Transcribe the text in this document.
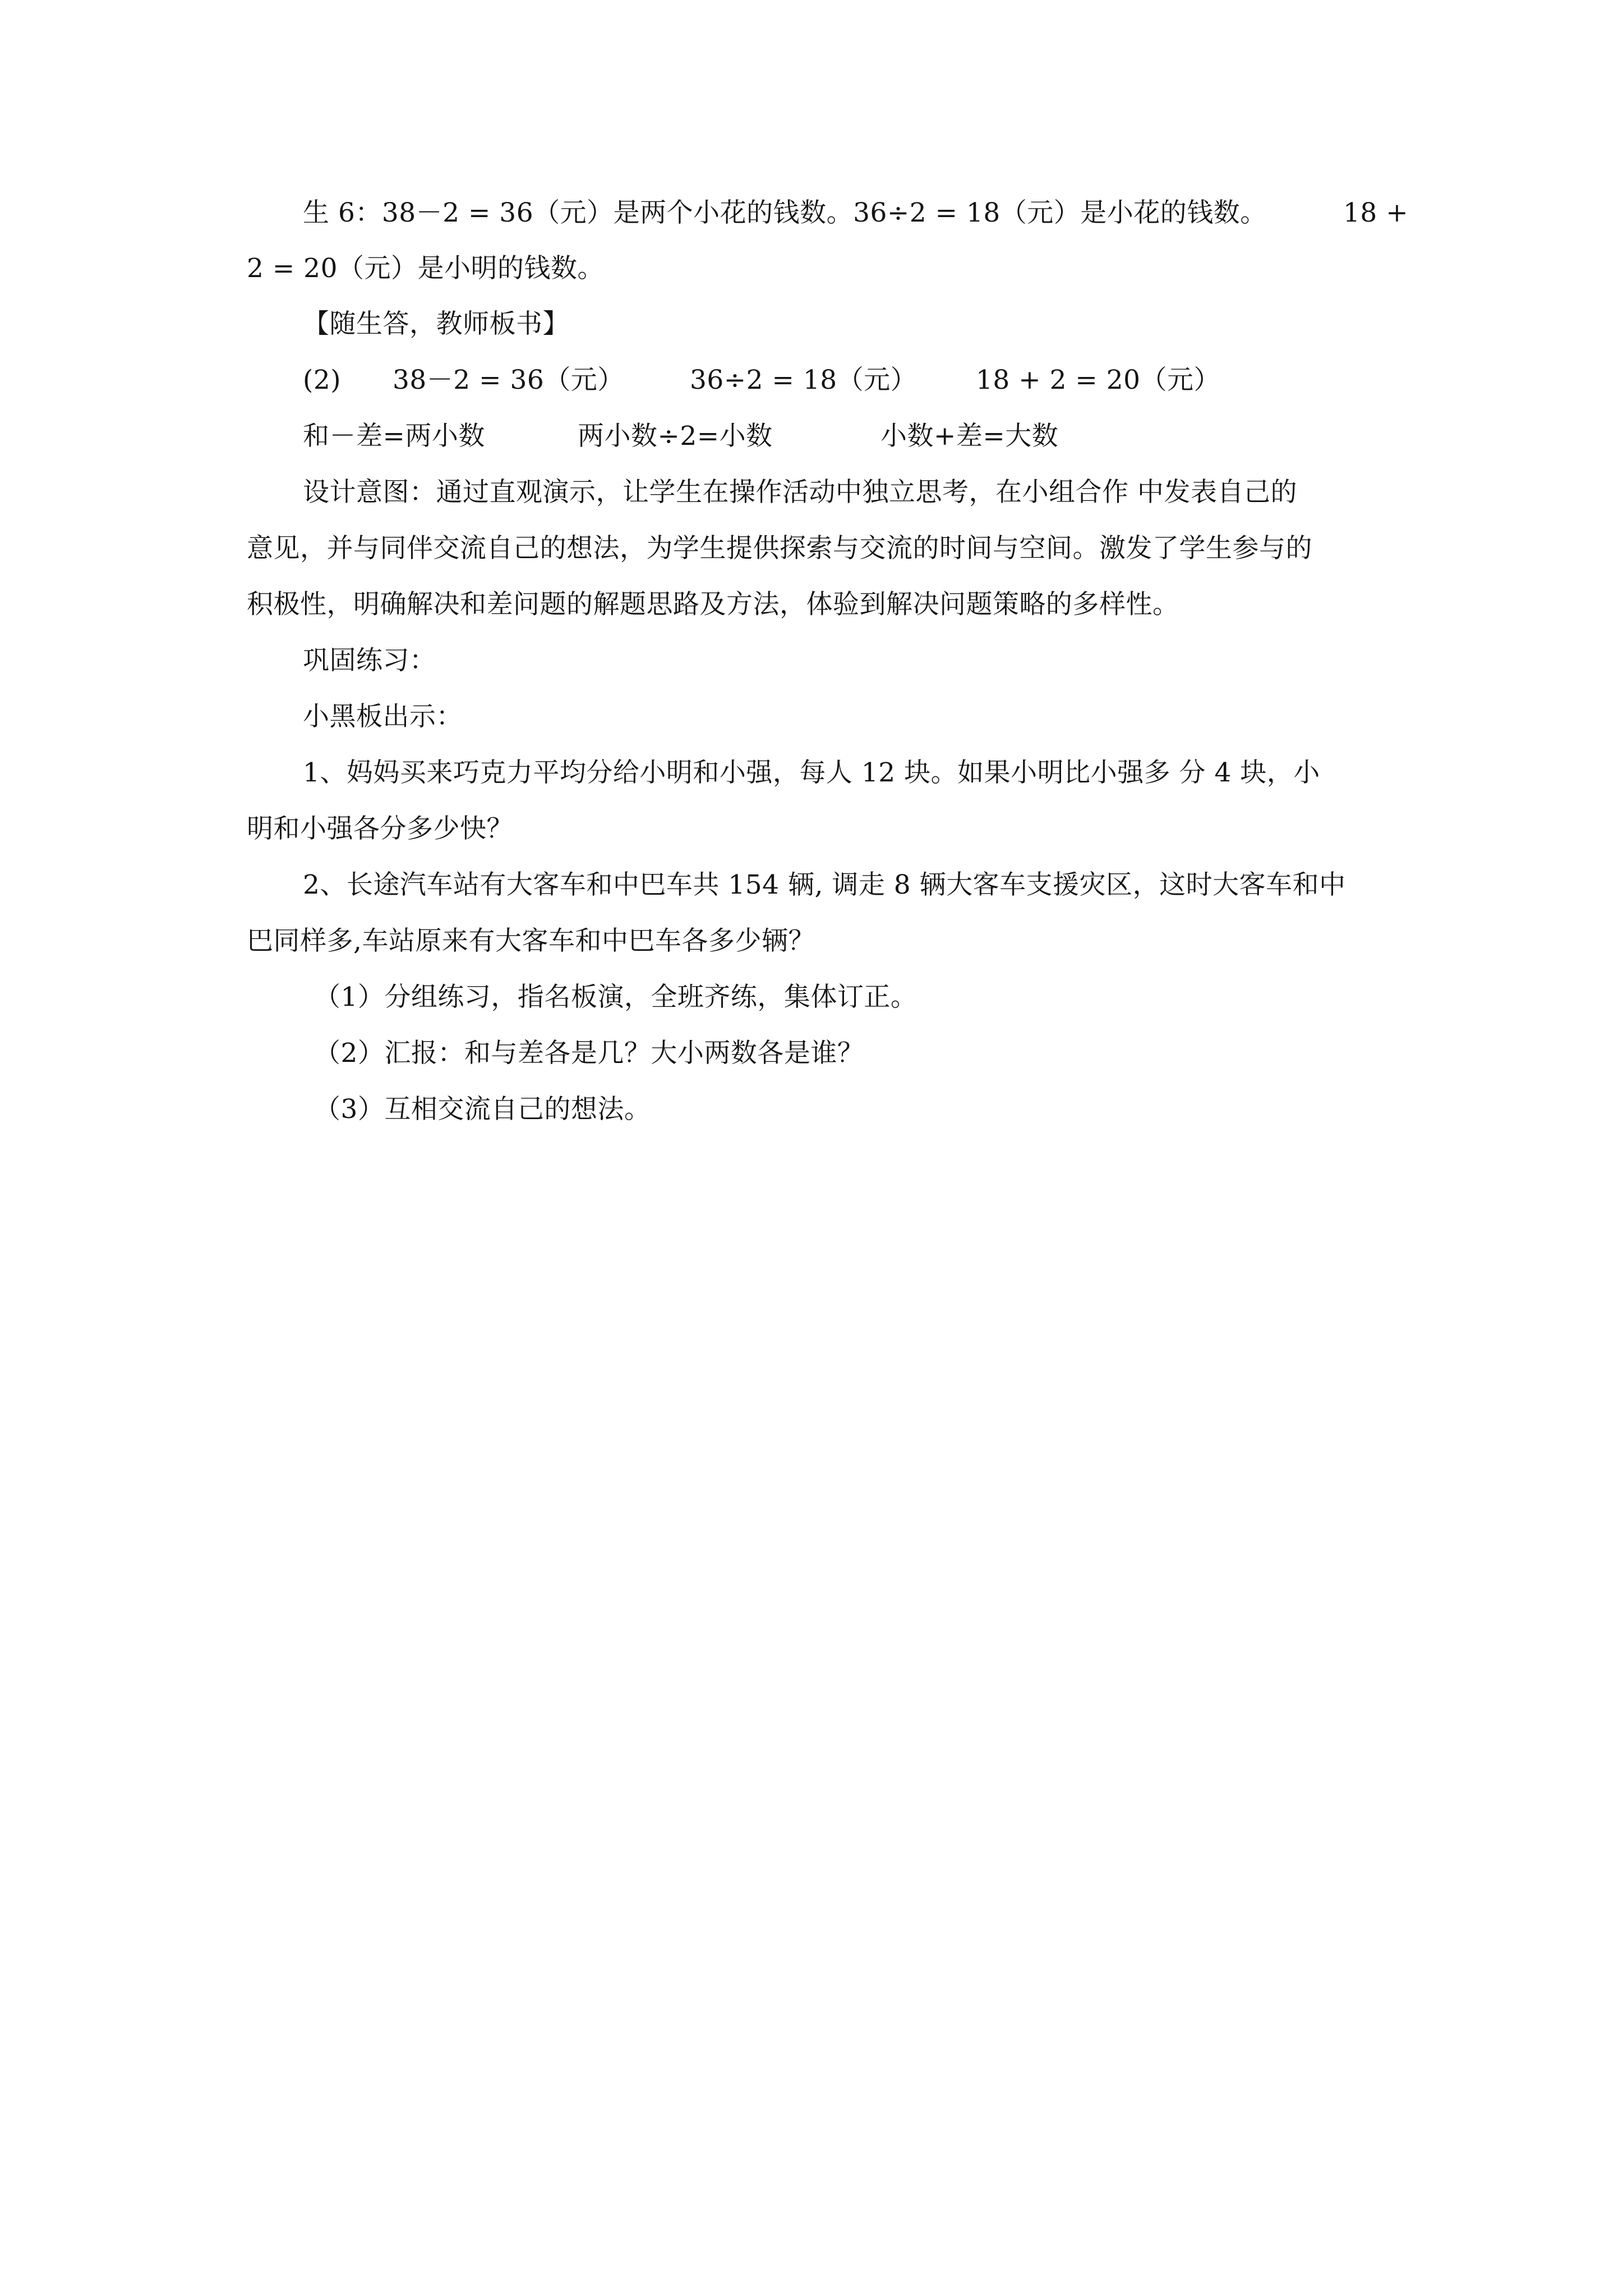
生 6：38－2 = 36（元）是两个小花的钱数。36÷2 = 18（元）是小花的钱数。	18 +
2 = 20（元）是小明的钱数。
【随生答，教师板书】
(2) 38－2 = 36（元） 36÷2 = 18（元） 18 + 2 = 20（元）
和－差=两小数	两小数÷2=小数	小数+差=大数
设计意图：通过直观演示，让学生在操作活动中独立思考，在小组合作 中发表自己的
意见，并与同伴交流自己的想法，为学生提供探索与交流的时间与空间。激发了学生参与的
积极性，明确解决和差问题的解题思路及方法，体验到解决问题策略的多样性。
巩固练习：
小黑板出示：
1、妈妈买来巧克力平均分给小明和小强，每人 12 块。如果小明比小强多 分 4 块，小
明和小强各分多少快？
2、长途汽车站有大客车和中巴车共 154 辆, 调走 8 辆大客车支援灾区，这时大客车和中
巴同样多,车站原来有大客车和中巴车各多少辆？
（1）分组练习，指名板演，全班齐练，集体订正。
（2）汇报：和与差各是几？大小两数各是谁？
（3）互相交流自己的想法。
